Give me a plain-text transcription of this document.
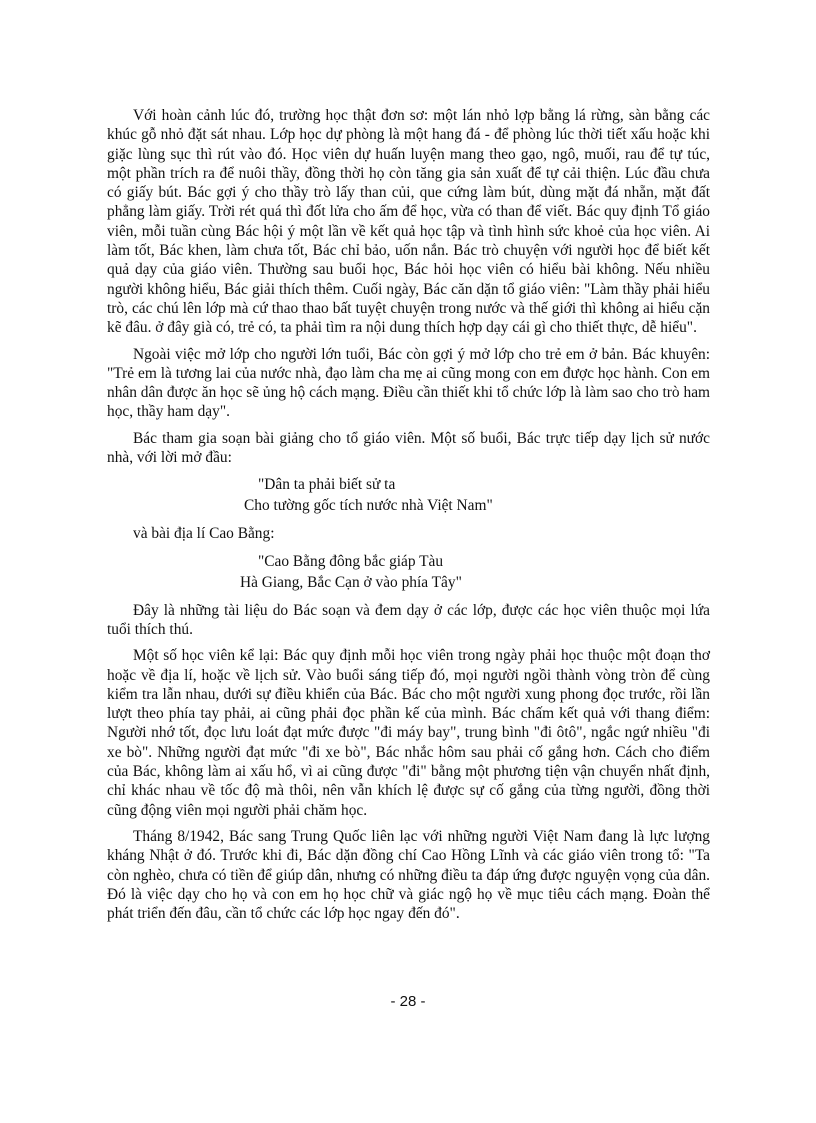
Với hoàn cảnh lúc đó, trường học thật đơn sơ: một lán nhỏ lợp bằng lá rừng, sàn bằng các khúc gỗ nhỏ đặt sát nhau. Lớp học dự phòng là một hang đá - để phòng lúc thời tiết xấu hoặc khi giặc lùng sục thì rút vào đó. Học viên dự huấn luyện mang theo gạo, ngô, muối, rau để tự túc, một phần trích ra để nuôi thầy, đồng thời họ còn tăng gia sản xuất để tự cải thiện. Lúc đầu chưa có giấy bút. Bác gợi ý cho thầy trò lấy than củi, que cứng làm bút, dùng mặt đá nhẵn, mặt đất phẳng làm giấy. Trời rét quá thì đốt lửa cho ấm để học, vừa có than để viết. Bác quy định Tổ giáo viên, mỗi tuần cùng Bác hội ý một lần về kết quả học tập và tình hình sức khoẻ của học viên. Ai làm tốt, Bác khen, làm chưa tốt, Bác chỉ bảo, uốn nắn. Bác trò chuyện với người học để biết kết quả dạy của giáo viên. Thường sau buổi học, Bác hỏi học viên có hiểu bài không. Nếu nhiều người không hiểu, Bác giải thích thêm. Cuối ngày, Bác căn dặn tổ giáo viên: "Làm thầy phải hiểu trò, các chú lên lớp mà cứ thao thao bất tuyệt chuyện trong nước và thế giới thì không ai hiểu cặn kẽ đâu. ở đây già có, trẻ có, ta phải tìm ra nội dung thích hợp dạy cái gì cho thiết thực, dễ hiểu".

Ngoài việc mở lớp cho người lớn tuổi, Bác còn gợi ý mở lớp cho trẻ em ở bản. Bác khuyên: "Trẻ em là tương lai của nước nhà, đạo làm cha mẹ ai cũng mong con em được học hành. Con em nhân dân được ăn học sẽ ủng hộ cách mạng. Điều cần thiết khi tổ chức lớp là làm sao cho trò ham học, thầy ham dạy".

Bác tham gia soạn bài giảng cho tổ giáo viên. Một số buổi, Bác trực tiếp dạy lịch sử nước nhà, với lời mở đầu:

"Dân ta phải biết sử ta

Cho tường gốc tích nước nhà Việt Nam"

và bài địa lí Cao Bằng:

"Cao Bằng đông bắc giáp Tàu

Hà Giang, Bắc Cạn ở vào phía Tây"

Đây là những tài liệu do Bác soạn và đem dạy ở các lớp, được các học viên thuộc mọi lứa tuổi thích thú.

Một số học viên kể lại: Bác quy định mỗi học viên trong ngày phải học thuộc một đoạn thơ hoặc về địa lí, hoặc về lịch sử. Vào buổi sáng tiếp đó, mọi người ngồi thành vòng tròn để cùng kiểm tra lẫn nhau, dưới sự điều khiển của Bác. Bác cho một người xung phong đọc trước, rồi lần lượt theo phía tay phải, ai cũng phải đọc phần kế của mình. Bác chấm kết quả với thang điểm: Người nhớ tốt, đọc lưu loát đạt mức được "đi máy bay", trung bình "đi ôtô", ngắc ngứ nhiều "đi xe bò". Những người đạt mức "đi xe bò", Bác nhắc hôm sau phải cố gắng hơn. Cách cho điểm của Bác, không làm ai xấu hổ, vì ai cũng được "đi" bằng một phương tiện vận chuyển nhất định, chỉ khác nhau về tốc độ mà thôi, nên vẫn khích lệ được sự cố gắng của từng người, đồng thời cũng động viên mọi người phải chăm học.

Tháng 8/1942, Bác sang Trung Quốc liên lạc với những người Việt Nam đang là lực lượng kháng Nhật ở đó. Trước khi đi, Bác dặn đồng chí Cao Hồng Lĩnh và các giáo viên trong tổ: "Ta còn nghèo, chưa có tiền để giúp dân, nhưng có những điều ta đáp ứng được nguyện vọng của dân. Đó là việc dạy cho họ và con em họ học chữ và giác ngộ họ về mục tiêu cách mạng. Đoàn thể phát triển đến đâu, cần tổ chức các lớp học ngay đến đó".

- 28 -
